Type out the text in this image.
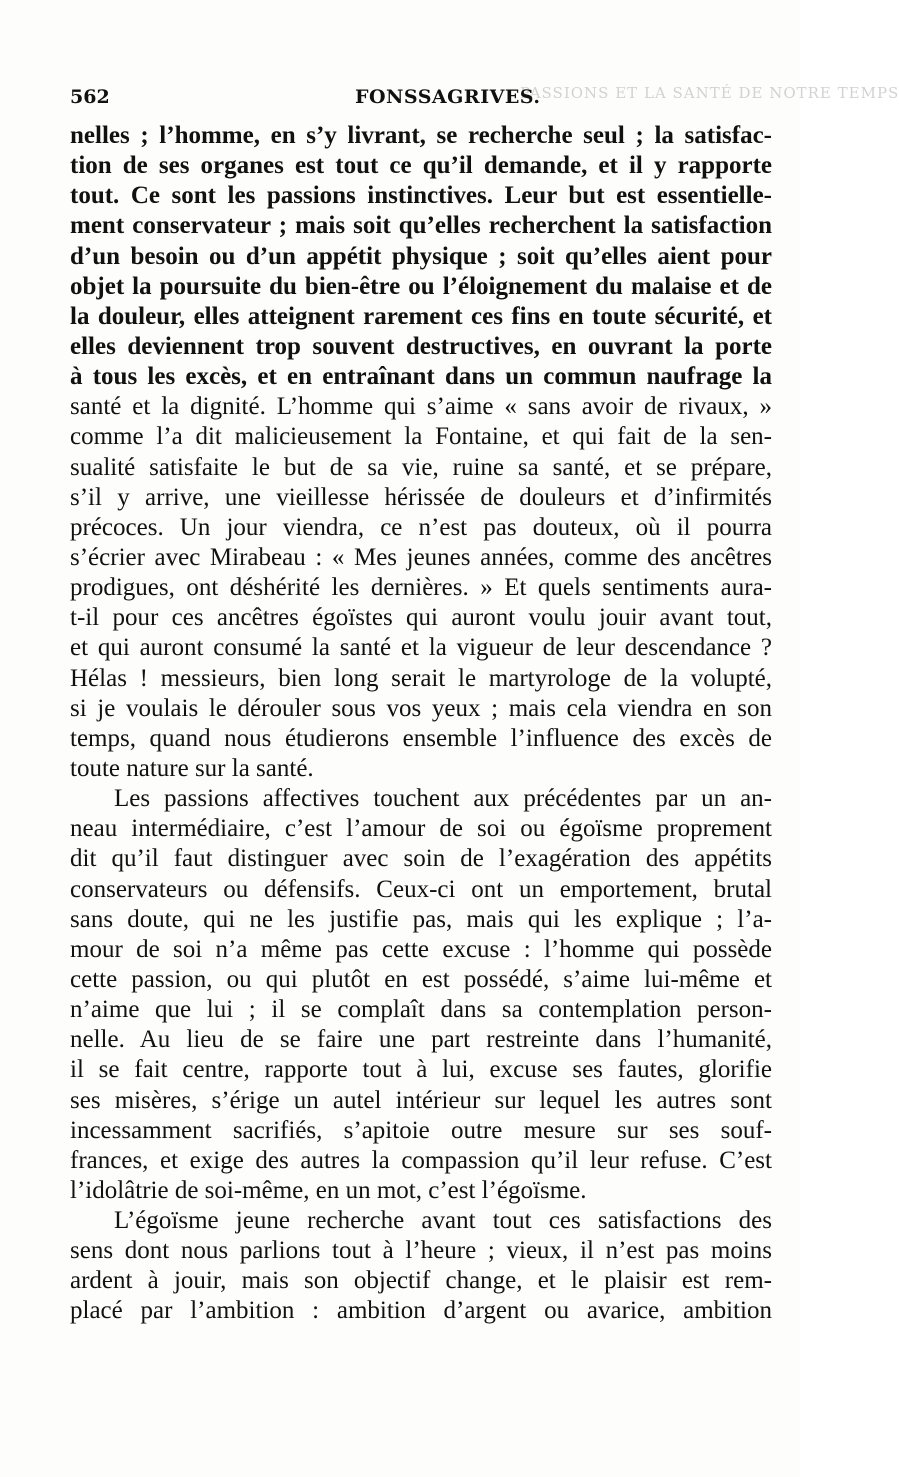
PASSIONS ET LA SANTÉ DE NOTRE TEMPS
562	FONSSAGRIVES.
nelles ; l’homme, en s’y livrant, se recherche seul ; la satisfac-
tion de ses organes est tout ce qu’il demande, et il y rapporte
tout. Ce sont les passions instinctives. Leur but est essentielle-
ment conservateur ; mais soit qu’elles recherchent la satisfaction
d’un besoin ou d’un appétit physique ; soit qu’elles aient pour
objet la poursuite du bien-être ou l’éloignement du malaise et de
la douleur, elles atteignent rarement ces fins en toute sécurité, et
elles deviennent trop souvent destructives, en ouvrant la porte
à tous les excès, et en entraînant dans un commun naufrage la
santé et la dignité. L’homme qui s’aime « sans avoir de rivaux, »
comme l’a dit malicieusement la Fontaine, et qui fait de la sen-
sualité satisfaite le but de sa vie, ruine sa santé, et se prépare,
s’il y arrive, une vieillesse hérissée de douleurs et d’infirmités
précoces. Un jour viendra, ce n’est pas douteux, où il pourra
s’écrier avec Mirabeau : « Mes jeunes années, comme des ancêtres
prodigues, ont déshérité les dernières. » Et quels sentiments aura-
t-il pour ces ancêtres égoïstes qui auront voulu jouir avant tout,
et qui auront consumé la santé et la vigueur de leur descendance ?
Hélas ! messieurs, bien long serait le martyrologe de la volupté,
si je voulais le dérouler sous vos yeux ; mais cela viendra en son
temps, quand nous étudierons ensemble l’influence des excès de
toute nature sur la santé.
Les passions affectives touchent aux précédentes par un an-
neau intermédiaire, c’est l’amour de soi ou égoïsme proprement
dit qu’il faut distinguer avec soin de l’exagération des appétits
conservateurs ou défensifs. Ceux-ci ont un emportement, brutal
sans doute, qui ne les justifie pas, mais qui les explique ; l’a-
mour de soi n’a même pas cette excuse : l’homme qui possède
cette passion, ou qui plutôt en est possédé, s’aime lui-même et
n’aime que lui ; il se complaît dans sa contemplation person-
nelle. Au lieu de se faire une part restreinte dans l’humanité,
il se fait centre, rapporte tout à lui, excuse ses fautes, glorifie
ses misères, s’érige un autel intérieur sur lequel les autres sont
incessamment sacrifiés, s’apitoie outre mesure sur ses souf-
frances, et exige des autres la compassion qu’il leur refuse. C’est
l’idolâtrie de soi-même, en un mot, c’est l’égoïsme.
L’égoïsme jeune recherche avant tout ces satisfactions des
sens dont nous parlions tout à l’heure ; vieux, il n’est pas moins
ardent à jouir, mais son objectif change, et le plaisir est rem-
placé par l’ambition : ambition d’argent ou avarice, ambition
